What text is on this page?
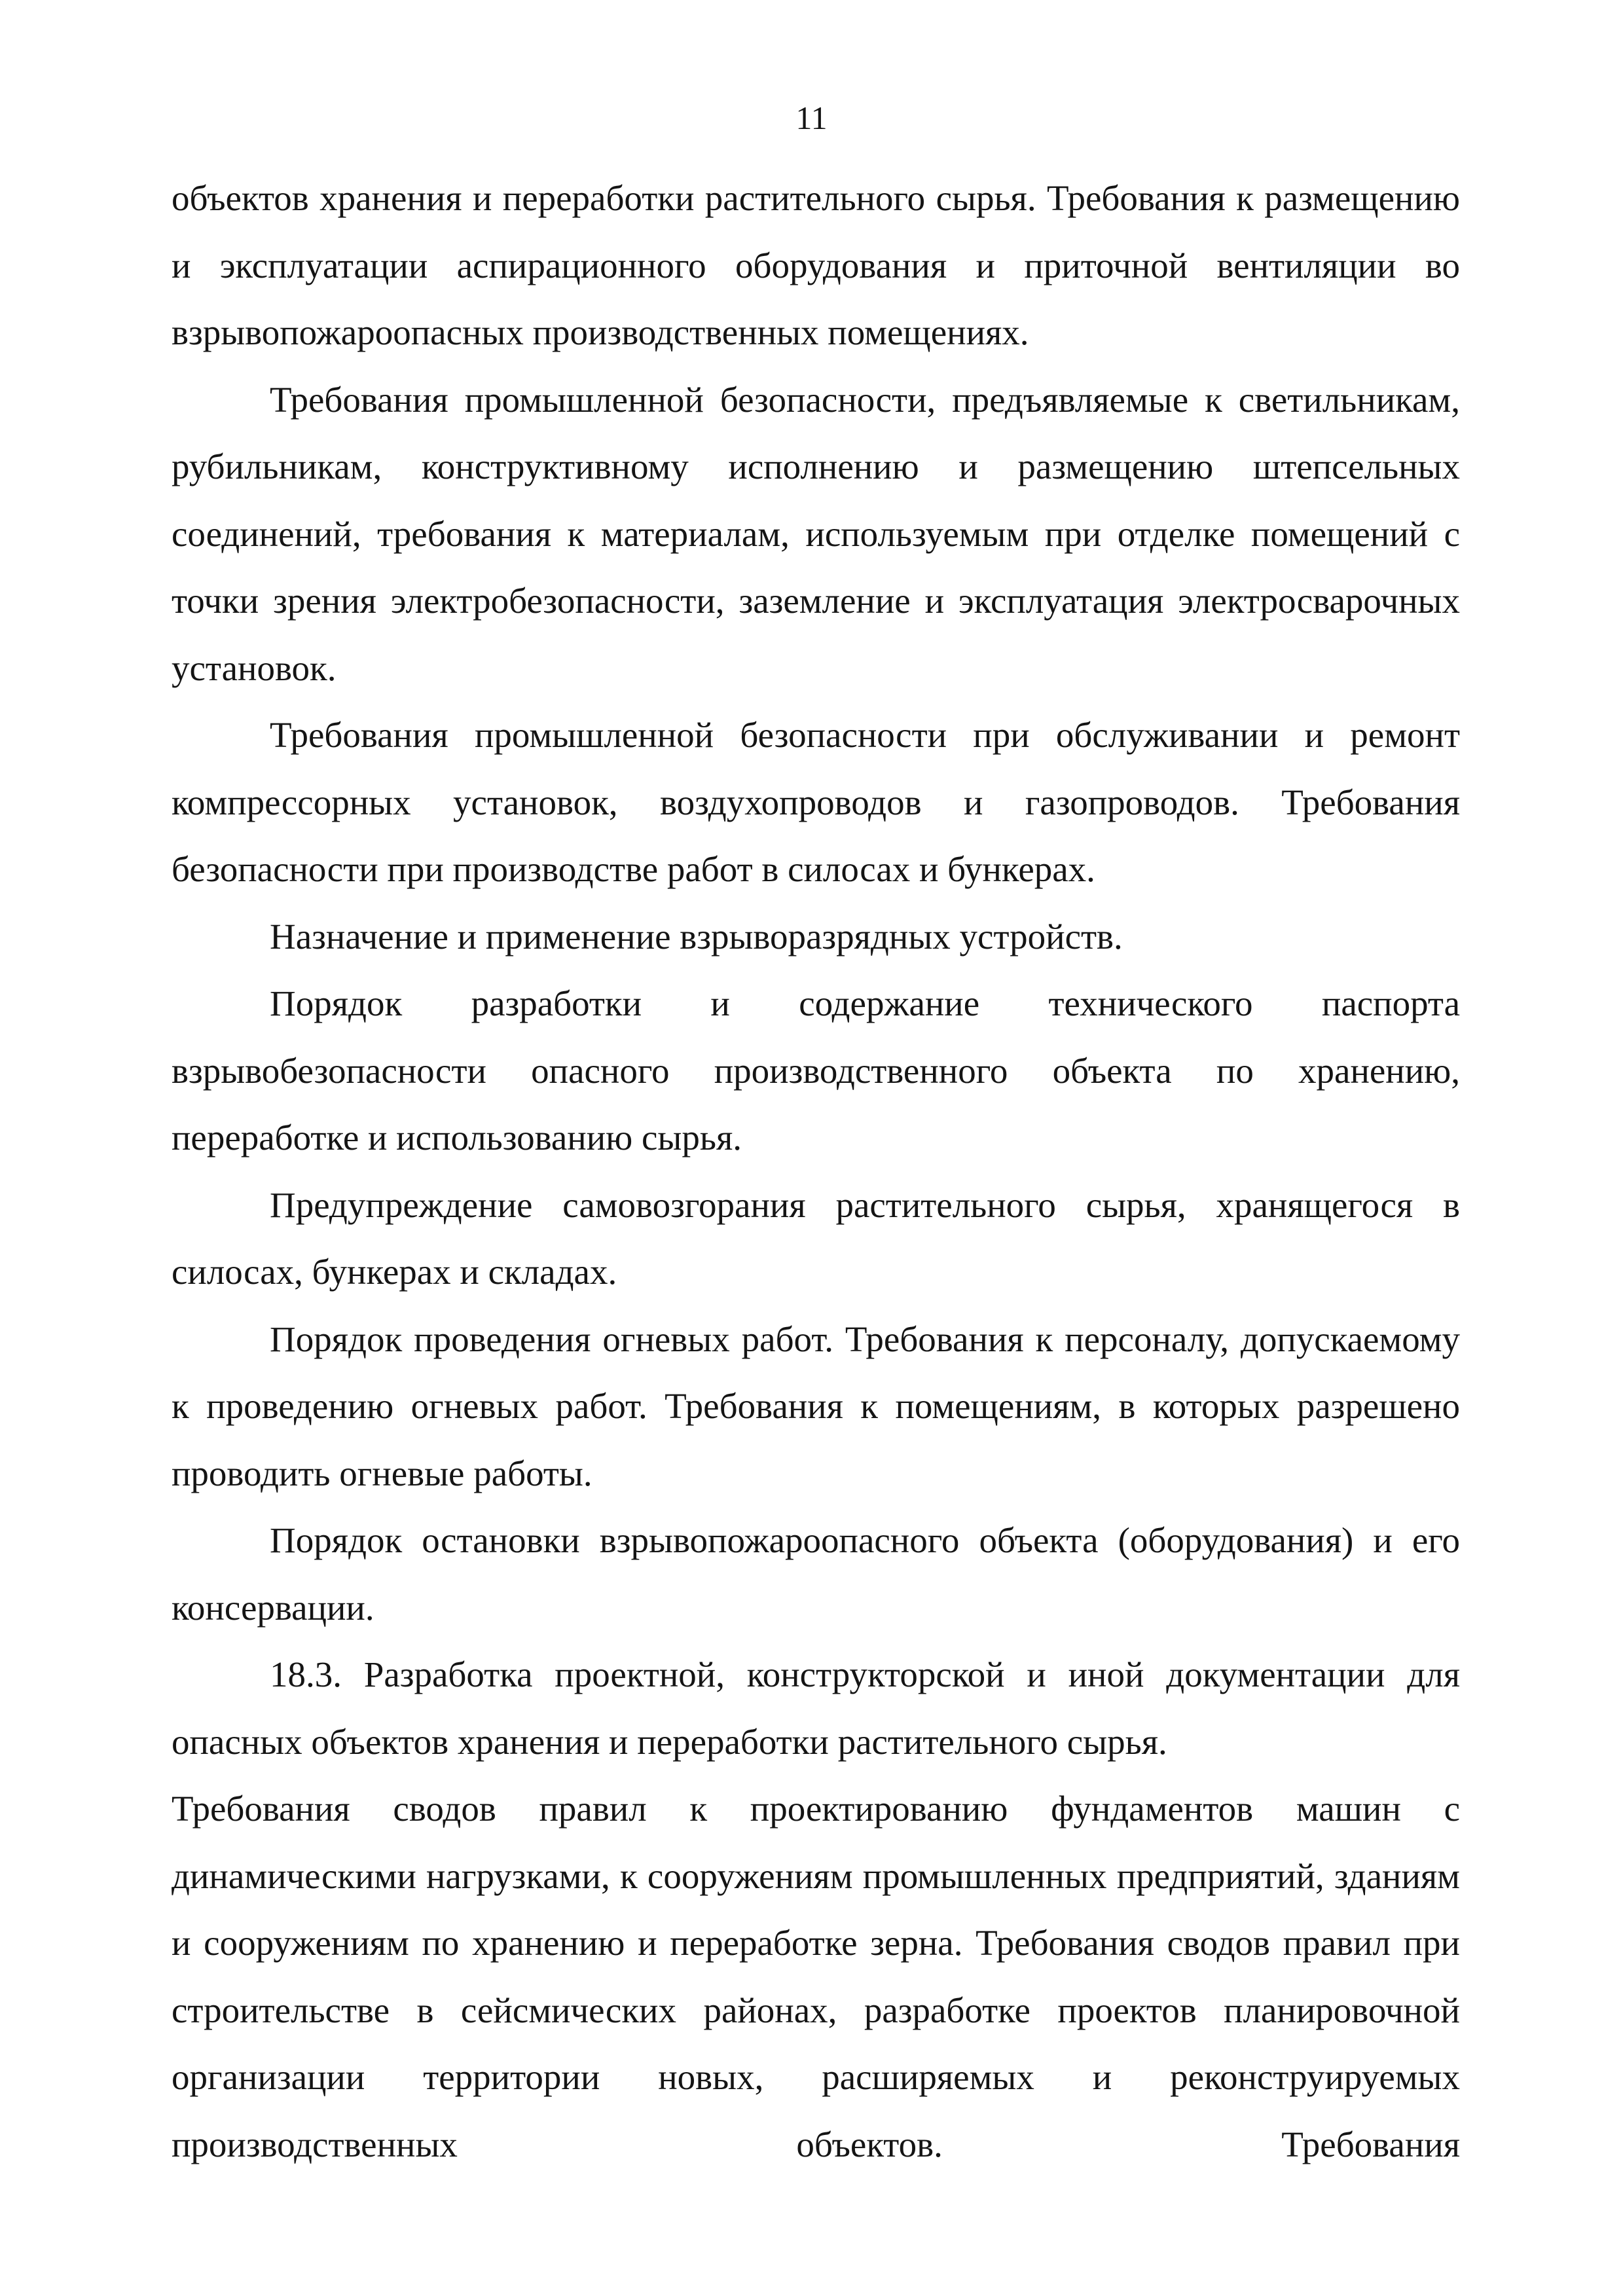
11

объектов хранения и переработки растительного сырья. Требования к размещению и эксплуатации аспирационного оборудования и приточной вентиляции во взрывопожароопасных производственных помещениях.

Требования промышленной безопасности, предъявляемые к светильникам, рубильникам, конструктивному исполнению и размещению штепсельных соединений, требования к материалам, используемым при отделке помещений с точки зрения электробезопасности, заземление и эксплуатация электросварочных установок.

Требования промышленной безопасности при обслуживании и ремонт компрессорных установок, воздухопроводов и газопроводов. Требования безопасности при производстве работ в силосах и бункерах.

Назначение и применение взрыворазрядных устройств.

Порядок разработки и содержание технического паспорта взрывобезопасности опасного производственного объекта по хранению, переработке и использованию сырья.

Предупреждение самовозгорания растительного сырья, хранящегося в силосах, бункерах и складах.

Порядок проведения огневых работ. Требования к персоналу, допускаемому к проведению огневых работ. Требования к помещениям, в которых разрешено проводить огневые работы.

Порядок остановки взрывопожароопасного объекта (оборудования) и его консервации.

18.3. Разработка проектной, конструкторской и иной документации для опасных объектов хранения и переработки растительного сырья.

Требования сводов правил к проектированию фундаментов машин с динамическими нагрузками, к сооружениям промышленных предприятий, зданиям и сооружениям по хранению и переработке зерна. Требования сводов правил при строительстве в сейсмических районах, разработке проектов планировочной организации территории новых, расширяемых и реконструируемых производственных объектов. Требования
